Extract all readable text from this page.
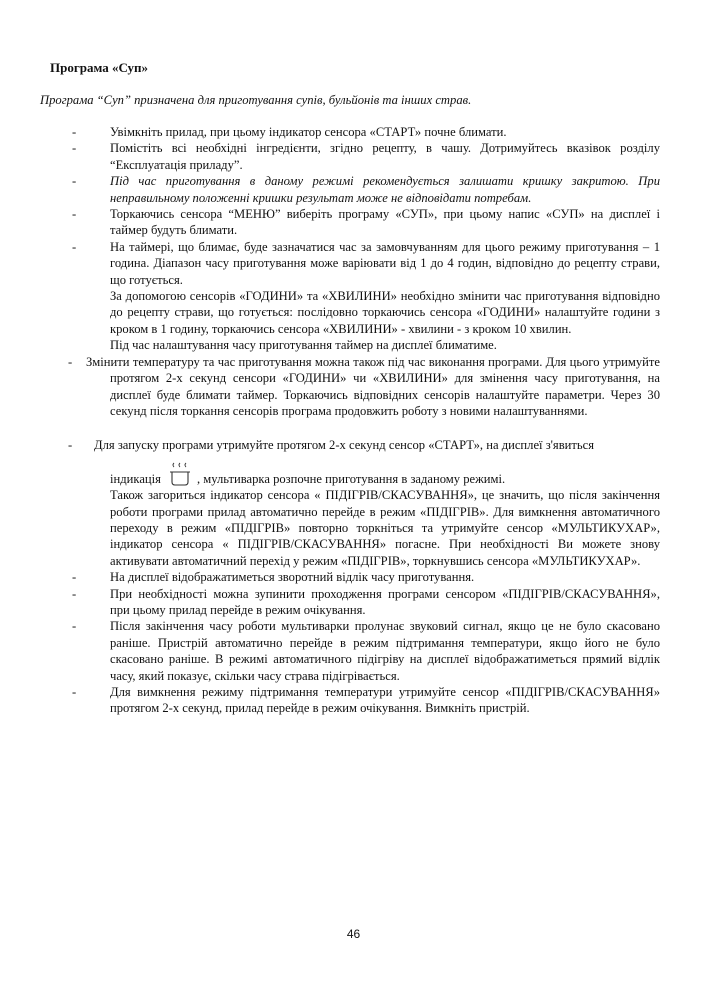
Програма «Суп»
Програма “Суп” призначена для приготування супів, бульйонів та інших страв.
-	Увімкніть прилад, при цьому індикатор сенсора «СТАРТ» почне блимати.
-	Помістіть всі необхідні інгредієнти, згідно рецепту, в чашу. Дотримуйтесь вказівок розділу “Експлуатація приладу”.
-	Під час приготування в даному режимі рекомендується залишати кришку закритою. При неправильному положенні кришки результат може не відповідати потребам.
-	Торкаючись сенсора “МЕНЮ” виберіть програму «СУП», при цьому напис «СУП» на дисплеї і таймер будуть блимати.
-	На таймері, що блимає, буде зазначатися час за замовчуванням для цього режиму приготування – 1 година. Діапазон часу приготування може варіювати від 1 до 4 годин, відповідно до рецепту страви, що готується.
За допомогою сенсорів «ГОДИНИ» та «ХВИЛИНИ» необхідно змінити час приготування відповідно до рецепту страви, що готується: послідовно торкаючись сенсора «ГОДИНИ» налаштуйте години з кроком в 1 годину, торкаючись сенсора «ХВИЛИНИ» - хвилини - з кроком 10 хвилин.
Під час налаштування часу приготування таймер на дисплеї блиматиме.
- Змінити температуру та час приготування можна також під час виконання програми. Для цього утримуйте протягом 2-х секунд сенсори «ГОДИНИ» чи «ХВИЛИНИ» для змінення часу приготування, на дисплеї буде блимати таймер. Торкаючись відповідних сенсорів налаштуйте параметри. Через 30 секунд після торкання сенсорів програма продовжить роботу з новими налаштуваннями.
- Для запуску програми утримуйте протягом 2-х секунд сенсор «СТАРТ», на дисплеї з'явиться
індикація	, мультиварка розпочне приготування в заданому режимі.
Також загориться індикатор сенсора « ПІДІГРІВ/СКАСУВАННЯ», це значить, що після закінчення роботи програми прилад автоматично перейде в режим «ПІДІГРІВ». Для вимкнення автоматичного переходу в режим «ПІДІГРІВ» повторно торкніться та утримуйте сенсор «МУЛЬТИКУХАР», індикатор сенсора « ПІДІГРІВ/СКАСУВАННЯ» погасне. При необхідності Ви можете знову активувати автоматичний перехід у режим «ПІДІГРІВ», торкнувшись сенсора «МУЛЬТИКУХАР».
-	На дисплеї відображатиметься зворотний відлік часу приготування.
-	При необхідності можна зупинити проходження програми сенсором «ПІДІГРІВ/СКАСУВАННЯ», при цьому прилад перейде в режим очікування.
-	Після закінчення часу роботи мультиварки пролунає звуковий сигнал, якщо це не було скасовано раніше. Пристрій автоматично перейде в режим підтримання температури, якщо його не було скасовано раніше. В режимі автоматичного підігріву на дисплеї відображатиметься прямий відлік часу, який показує, скільки часу страва підігрівається.
-	Для вимкнення режиму підтримання температури утримуйте сенсор «ПІДІГРІВ/СКАСУВАННЯ» протягом 2-х секунд, прилад перейде в режим очікування. Вимкніть пристрій.
46
